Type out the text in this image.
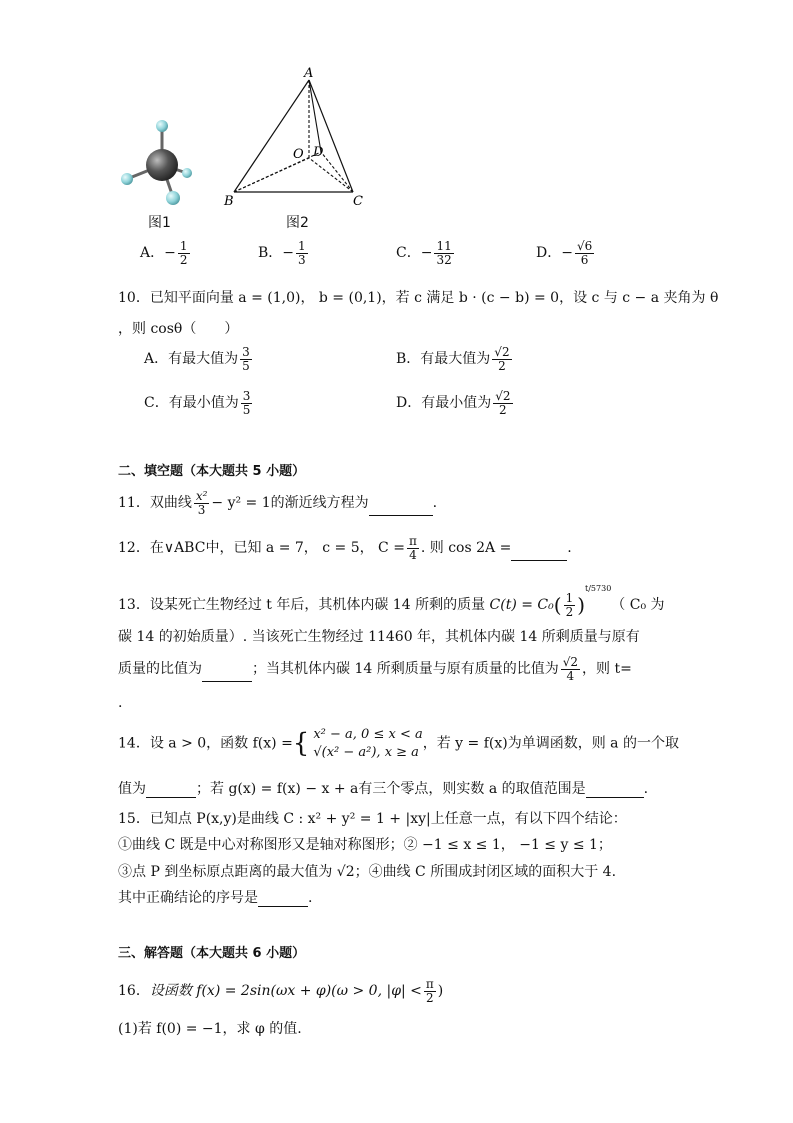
图1
A
B	C
O D
图2
A．− $\frac{1}{2}$	B．− $\frac{1}{3}$	C．− $\frac{11}{32}$	D．− $\frac{√6}{6}$
10．已知平面向量 a = (1,0)， b = (0,1)，若 c 满足 b · (c − b) = 0，设 c 与 c − a 夹角为 θ
，则 cosθ（　　）
A．有最大值为 $\frac{3}{5}$	B．有最大值为 $\frac{√2}{2}$
C．有最小值为 $\frac{3}{5}$	D．有最小值为 $\frac{√2}{2}$
二、填空题（本大题共 5 小题）
11．双曲线 $\frac{\text{x²}}{3} - y^2 = 1$的渐近线方程为	.
12．在∨ABC中，已知 a = 7， c = 5， $C = \frac{\pi}{4}$ . 则 cos 2A =	.
13．设某死亡生物经过 t 年后，其机体内碳 14 所剩的质量 $C(t) = C_0( \frac{1}{2} )^{t/5730}$（ C₀ 为
碳 14 的初始质量）. 当该死亡生物经过 11460 年，其机体内碳 14 所剩质量与原有
质量的比值为	；当其机体内碳 14 所剩质量与原有质量的比值为 $\frac{√2}{4}$ ，则 t=
.
14．设 a > 0，函数 f(x) ={ x² − a, 0 ≤ x < a
√(x² − a²), x ≥ a
，若 y = f(x)为单调函数，则 a 的一个取
值为	；若 g(x) = f(x) − x + a有三个零点，则实数 a 的取值范围是	.
15．已知点 P(x,y)是曲线 C : x² + y² = 1 + |xy|上任意一点，有以下四个结论：
①曲线 C 既是中心对称图形又是轴对称图形；② −1 ≤ x ≤ 1， −1 ≤ y ≤ 1；
③点 P 到坐标原点距离的最大值为 √2；④曲线 C 所围成封闭区域的面积大于 4.
其中正确结论的序号是	.
三、解答题（本大题共 6 小题）
16．设函数 f(x) = 2sin(ωx + φ)(ω > 0, $|\varphi| < \frac{\pi}{2}$ )
(1)若 f(0) = −1，求 φ 的值.
